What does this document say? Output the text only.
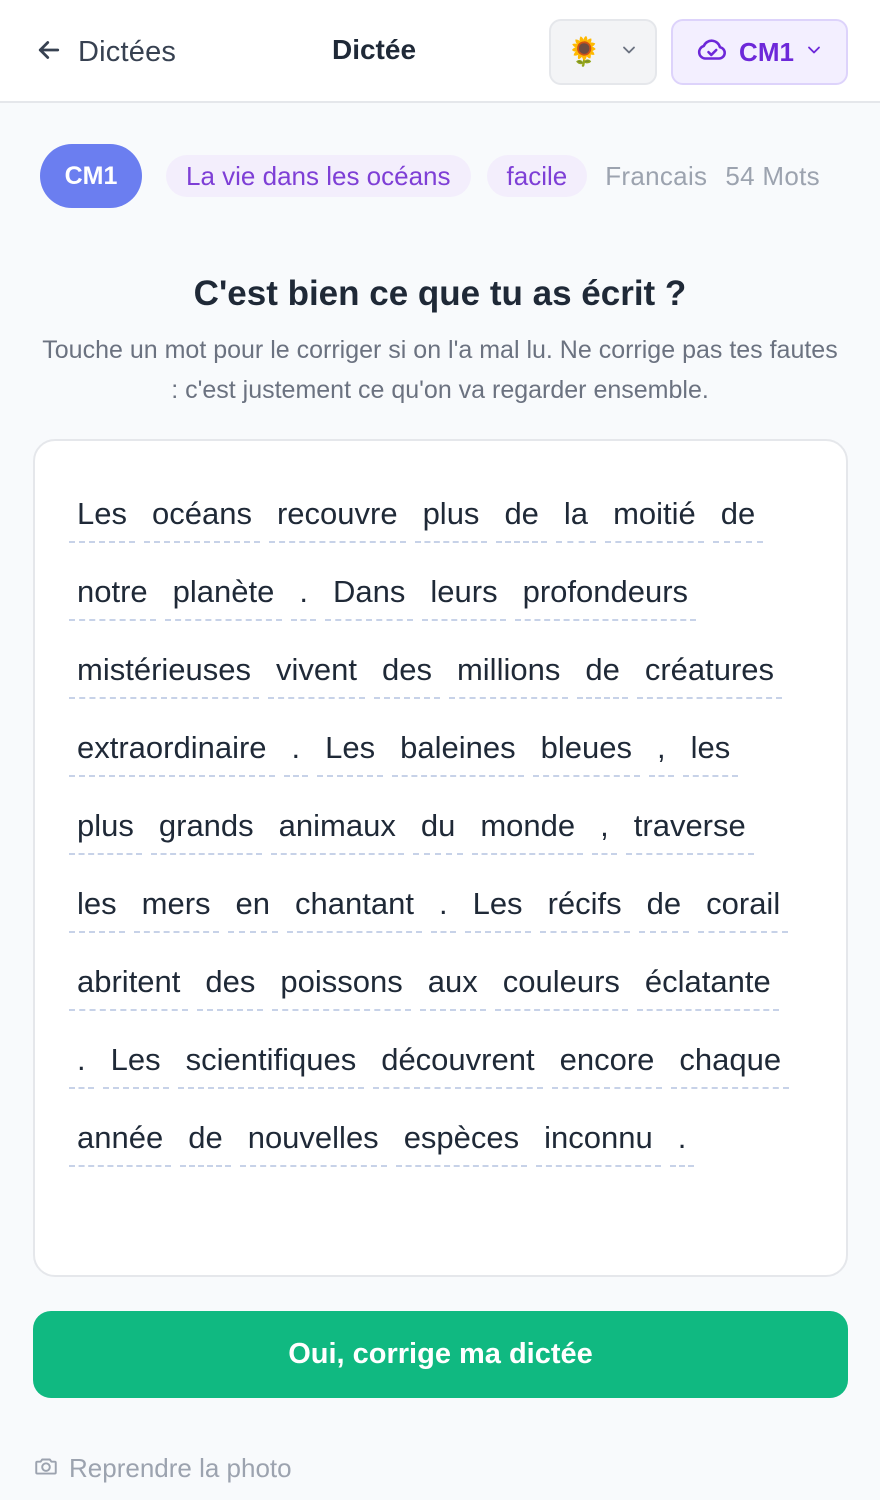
Dictées	Dictée	🌻	CM1
CM1	La vie dans les océans	facile	Francais 54 Mots
C'est bien ce que tu as écrit ?
Touche un mot pour le corriger si on l'a mal lu. Ne corrige pas tes fautes : c'est justement ce qu'on va regarder ensemble.
Les océans recouvre plus de la moitié de
notre planète . Dans leurs profondeurs
mistérieuses vivent des millions de créatures
extraordinaire . Les baleines bleues , les
plus grands animaux du monde , traverse
les mers en chantant . Les récifs de corail
abritent des poissons aux couleurs éclatante
. Les scientifiques découvrent encore chaque
année de nouvelles espèces inconnu .
Oui, corrige ma dictée
Reprendre la photo
